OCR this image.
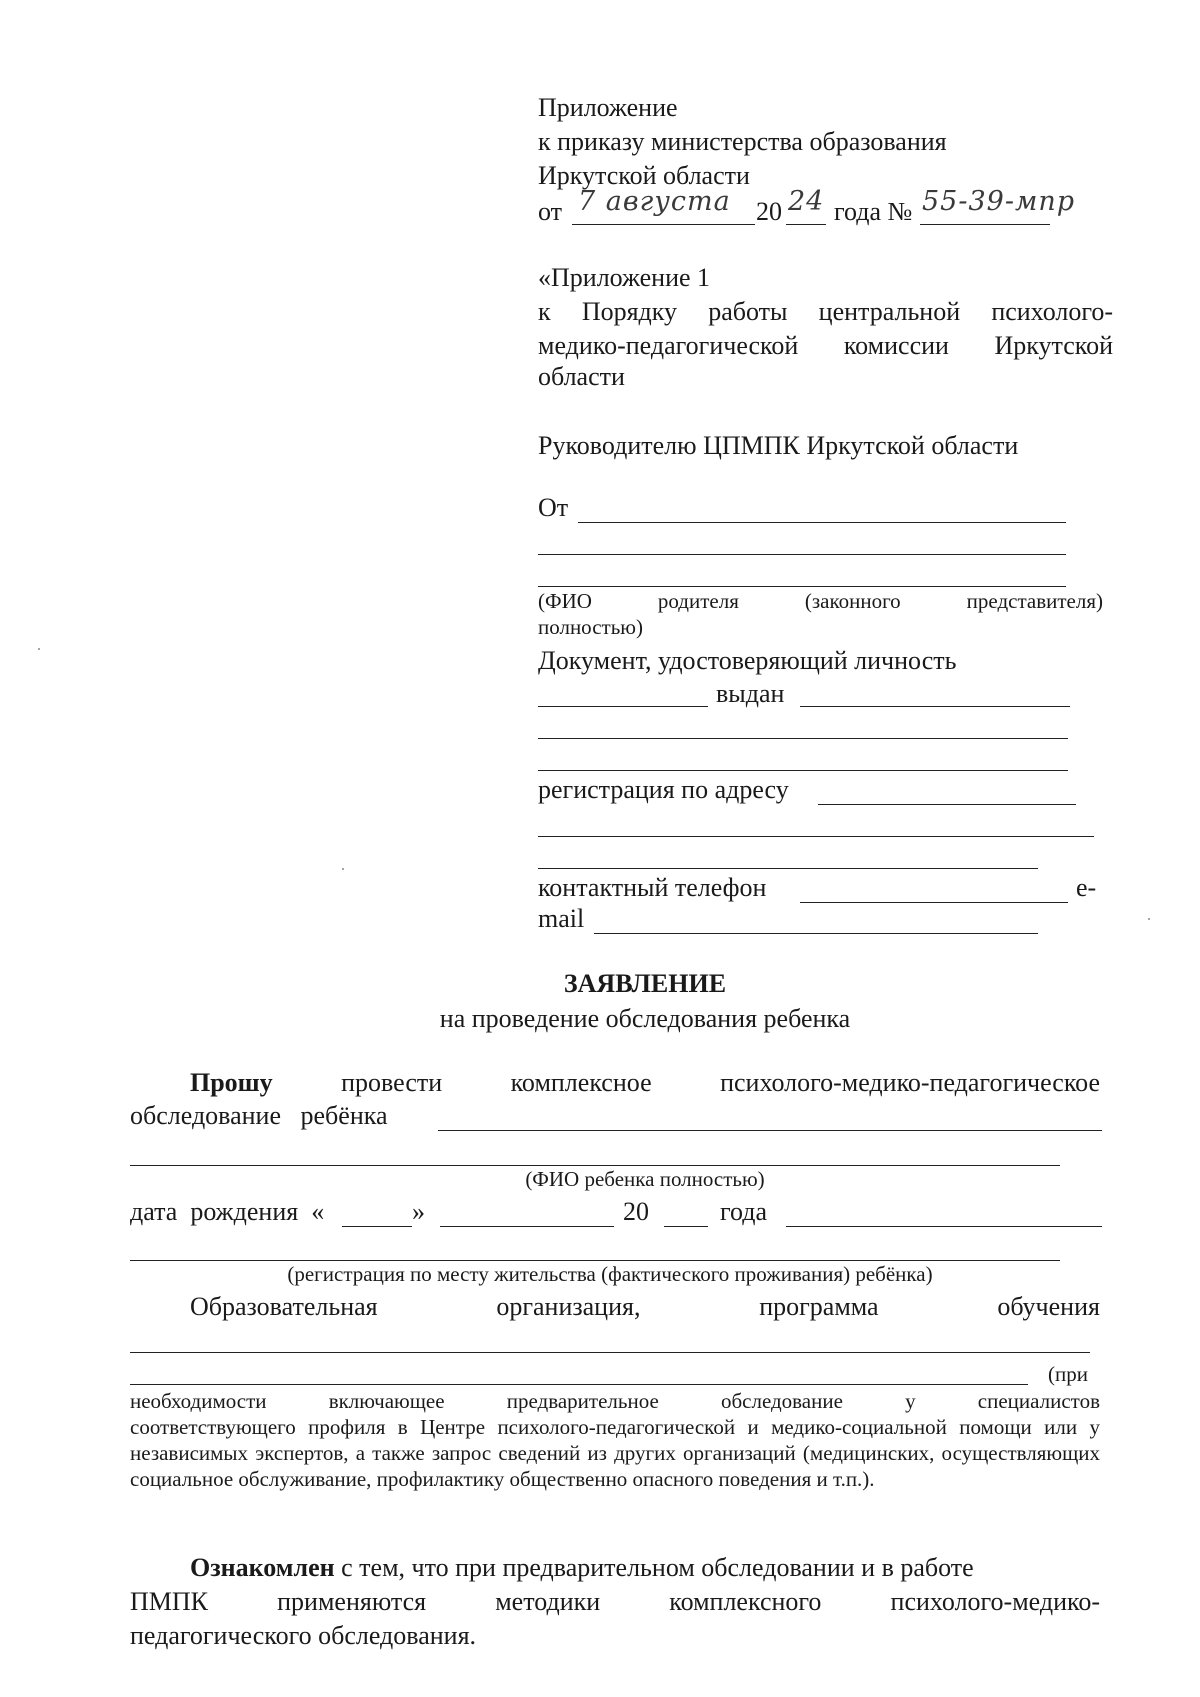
Приложение
к приказу министерства образования
Иркутской области
от 7 августа 20 24 года № 55-39-мпр
«Приложение 1
к Порядку работы центральной психолого-
медико-педагогической комиссии Иркутской
области
Руководителю ЦПМПК Иркутской области
От
(ФИО	родителя	(законного	представителя)
полностью)
Документ, удостоверяющий личность
выдан
регистрация по адресу
контактный телефон	e-
mail
ЗАЯВЛЕНИЕ
на проведение обследования ребенка
Прошу	провести	комплексное	психолого-медико-педагогическое
обследование   ребёнка
(ФИО ребенка полностью)
дата  рождения  «	»	20	года
(регистрация по месту жительства (фактического проживания) ребёнка)
Образовательная	организация,	программа	обучения
(при
необходимости	включающее	предварительное	обследование	у	специалистов
соответствующего профиля в Центре психолого-педагогической и медико-социальной помощи или у независимых экспертов, а также запрос сведений из других организаций (медицинских, осуществляющих социальное обслуживание, профилактику общественно опасного поведения и т.п.).
Ознакомлен с тем, что при предварительном обследовании и в работе
ПМПК	применяются	методики	комплексного	психолого-медико-
педагогического обследования.
